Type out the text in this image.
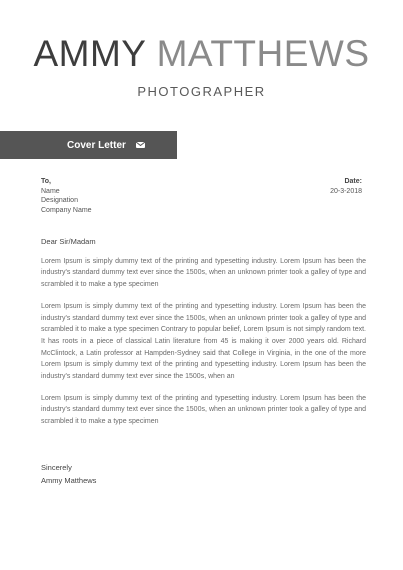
AMMY MATTHEWS
PHOTOGRAPHER
Cover Letter
To,
Name
Designation
Company Name
Date:
20-3-2018
Dear Sir/Madam

Lorem Ipsum is simply dummy text of the printing and typesetting industry. Lorem Ipsum has been the industry's standard dummy text ever since the 1500s, when an unknown printer took a galley of type and scrambled it to make a type specimen

Lorem Ipsum is simply dummy text of the printing and typesetting industry. Lorem Ipsum has been the industry's standard dummy text ever since the 1500s, when an unknown printer took a galley of type and scrambled it to make a type specimen Contrary to popular belief, Lorem Ipsum is not simply random text. It has roots in a piece of classical Latin literature from 45 is making it over 2000 years old. Richard McClintock, a Latin professor at Hampden-Sydney said that College in Virginia, in the one of the more Lorem Ipsum is simply dummy text of the printing and typesetting industry. Lorem Ipsum has been the industry's standard dummy text ever since the 1500s, when an

Lorem Ipsum is simply dummy text of the printing and typesetting industry. Lorem Ipsum has been the industry's standard dummy text ever since the 1500s, when an unknown printer took a galley of type and scrambled it to make a type specimen

Sincerely
Ammy Matthews
